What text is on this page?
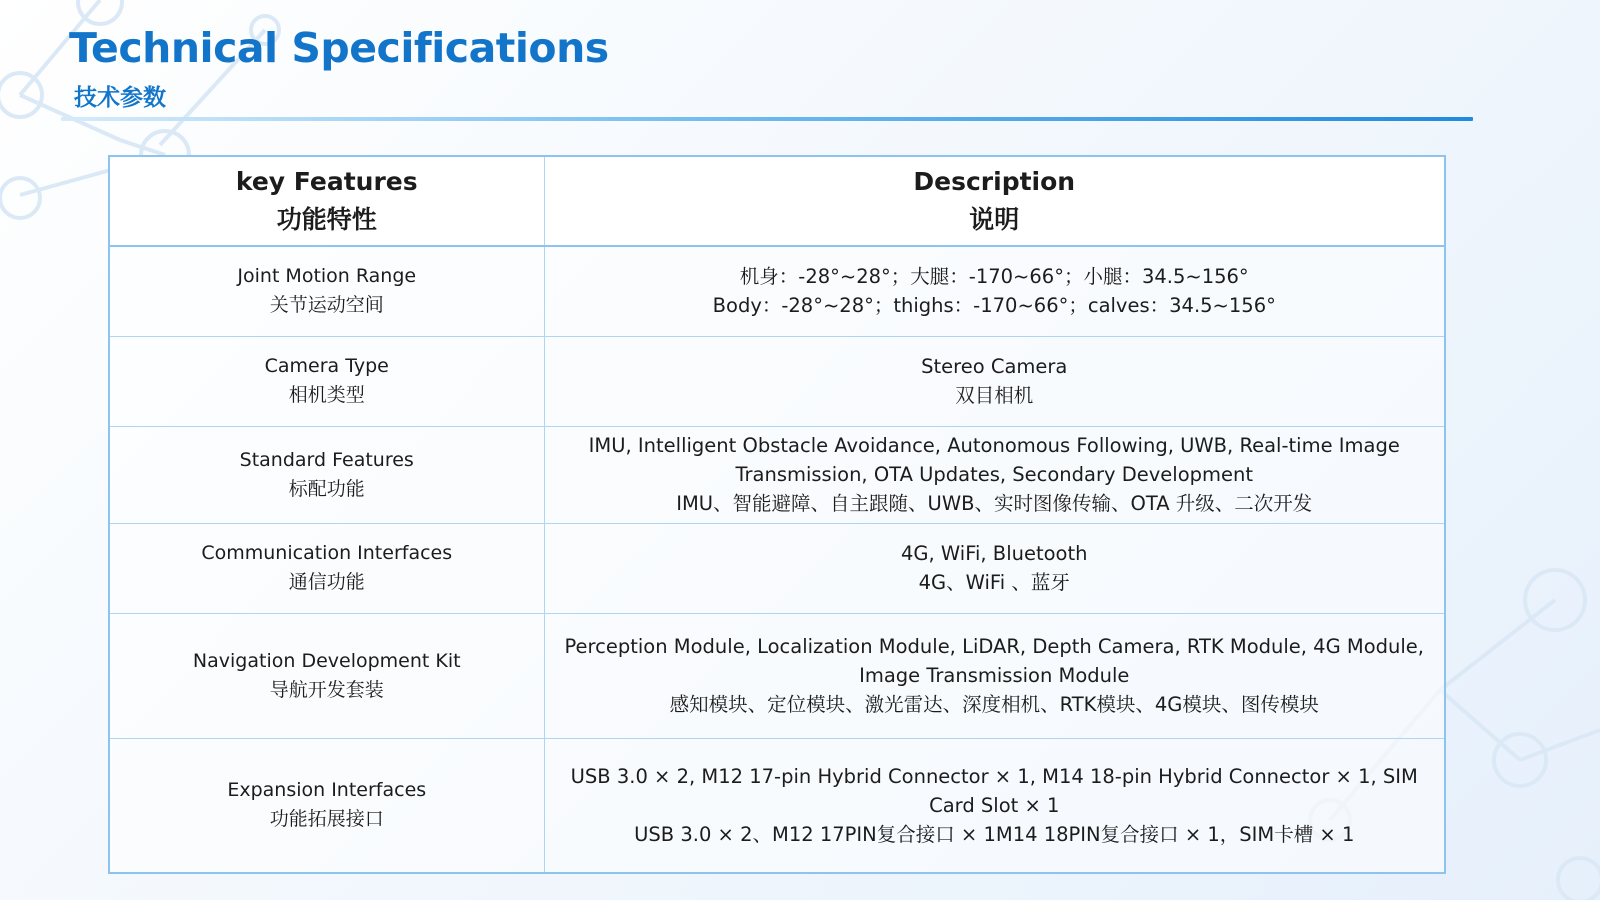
Technical Specifications
技术参数
key Features
功能特性	Description
说明

Joint Motion Range
关节运动空间	机身：-28°~28°；大腿：-170~66°；小腿：34.5~156°
Body：-28°~28°；thighs：-170~66°；calves：34.5~156°

Camera Type
相机类型	Stereo Camera
双目相机

Standard Features
标配功能	IMU, Intelligent Obstacle Avoidance, Autonomous Following, UWB, Real-time Image
Transmission, OTA Updates, Secondary Development
IMU、智能避障、自主跟随、UWB、实时图像传输、OTA 升级、二次开发

Communication Interfaces
通信功能	4G, WiFi, Bluetooth
4G、WiFi 、蓝牙

Navigation Development Kit
导航开发套装	Perception Module, Localization Module, LiDAR, Depth Camera, RTK Module, 4G Module,
Image Transmission Module
感知模块、定位模块、激光雷达、深度相机、RTK模块、4G模块、图传模块

Expansion Interfaces
功能拓展接口	USB 3.0 × 2, M12 17-pin Hybrid Connector × 1, M14 18-pin Hybrid Connector × 1, SIM
Card Slot × 1
USB 3.0 × 2、M12 17PIN复合接口 × 1M14 18PIN复合接口 × 1，SIM卡槽 × 1
